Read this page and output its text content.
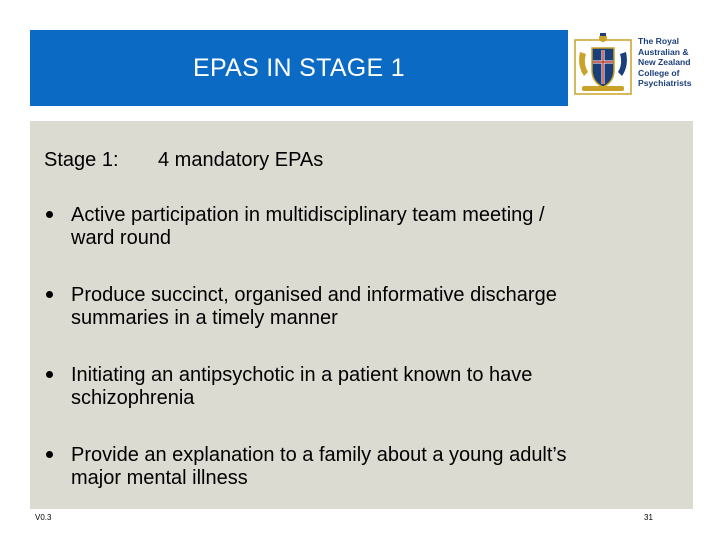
EPAS IN STAGE 1
The Royal
Australian &
New Zealand
College of
Psychiatrists
Stage 1: 4 mandatory EPAs
Active participation in multidisciplinary team meeting /
ward round
Produce succinct, organised and informative discharge
summaries in a timely manner
Initiating an antipsychotic in a patient known to have
schizophrenia
Provide an explanation to a family about a young adult’s
major mental illness
V0.3	31
